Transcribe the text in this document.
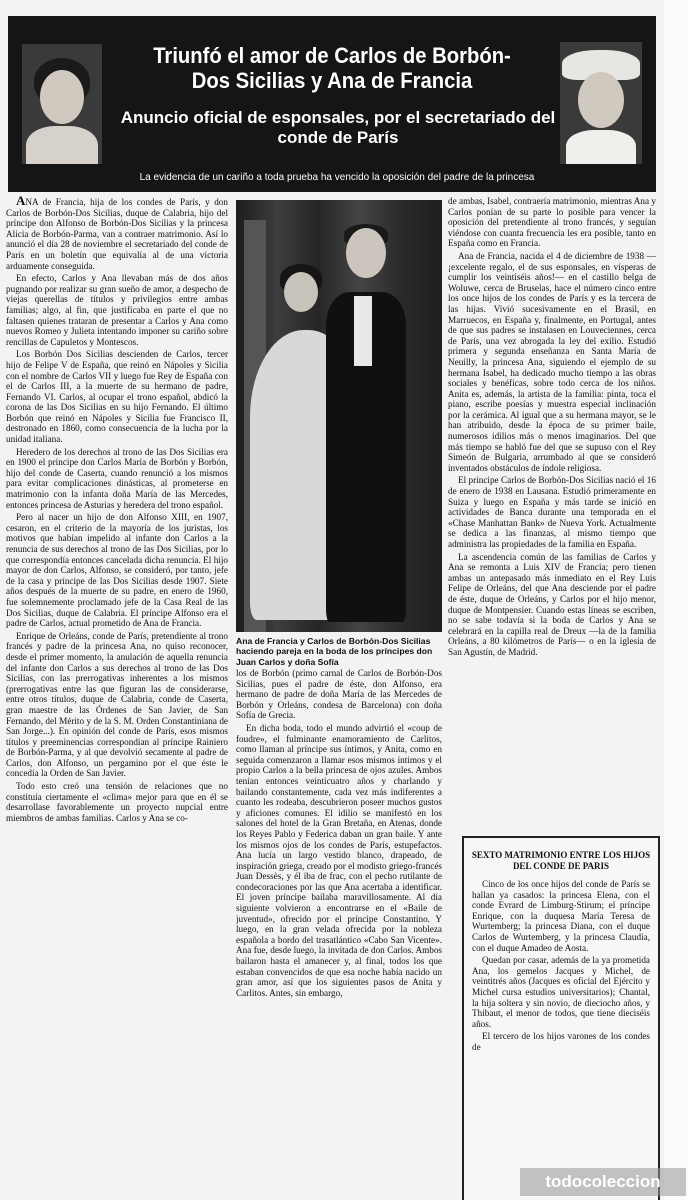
Triunfó el amor de Carlos de Borbón-
Dos Sicilias y Ana de Francia
Anuncio oficial de esponsales, por el secretariado del conde de París
La evidencia de un cariño a toda prueba ha vencido la oposición del padre de la princesa

ANA de Francia, hija de los condes de París, y don Carlos de Borbón-Dos Sicilias, duque de Calabria, hijo del príncipe don Alfonso de Borbón-Dos Sicilias y la princesa Alicia de Borbón-Parma, van a contraer matrimonio. Así lo anunció el día 28 de noviembre el secretariado del conde de París en un boletín que equivalía al de una victoria arduamente conseguida.

En efecto, Carlos y Ana llevaban más de dos años pugnando por realizar su gran sueño de amor, a despecho de viejas querellas de títulos y privilegios entre ambas familias; algo, al fin, que justificaba en parte el que no faltasen quienes trataran de presentar a Carlos y Ana como nuevos Romeo y Julieta intentando imponer su cariño sobre rencillas de Capuletos y Montescos.

Los Borbón Dos Sicilias descienden de Carlos, tercer hijo de Felipe V de España, que reinó en Nápoles y Sicilia con el nombre de Carlos VII y luego fue Rey de España con el de Carlos III, a la muerte de su hermano de padre, Fernando VI. Carlos, al ocupar el trono español, abdicó la corona de las Dos Sicilias en su hijo Fernando. El último Borbón que reinó en Nápoles y Sicilia fue Francisco II, destronado en 1860, como consecuencia de la lucha por la unidad italiana.

Heredero de los derechos al trono de las Dos Sicilias era en 1900 el príncipe don Carlos María de Borbón y Borbón, hijo del conde de Caserta, cuando renunció a los mismos para evitar complicaciones dinásticas, al prometerse en matrimonio con la infanta doña María de las Mercedes, entonces princesa de Asturias y heredera del trono español.

Pero al nacer un hijo de don Alfonso XIII, en 1907, cesaron, en el criterio de la mayoría de los juristas, los motivos que habían impelido al infante don Carlos a la renuncia de sus derechos al trono de las Dos Sicilias, por lo que correspondía entonces cancelada dicha renuncia. El hijo mayor de don Carlos, Alfonso, se consideró, por tanto, jefe de la casa y príncipe de las Dos Sicilias desde 1907. Siete años después de la muerte de su padre, en enero de 1960, fue solemnemente proclamado jefe de la Casa Real de las Dos Sicilias, duque de Calabria. El príncipe Alfonso era el padre de Carlos, actual prometido de Ana de Francia.

Enrique de Orleáns, conde de París, pretendiente al trono francés y padre de la princesa Ana, no quiso reconocer, desde el primer momento, la anulación de aquella renuncia del infante don Carlos a sus derechos al trono de las Dos Sicilias, con las prerrogativas inherentes a los mismos (prerrogativas entre las que figuran las de considerarse, entre otros títulos, duque de Calabria, conde de Caserta, gran maestre de las Órdenes de San Javier, de San Fernando, del Mérito y de la S. M. Orden Constantiniana de San Jorge...). En opinión del conde de París, esos mismos títulos y preeminencias correspondían al príncipe Rainiero de Borbón-Parma, y al que devolvió secamente al padre de Carlos, don Alfonso, un pergamino por el que éste le concedía la Orden de San Javier.

Todo esto creó una tensión de relaciones que no constituía ciertamente el «clima» mejor para que en él se desarrollase favorablemente un proyecto nupcial entre miembros de ambas familias. Carlos y Ana se co-

Ana de Francia y Carlos de Borbón-Dos Sicilias haciendo pareja en la boda de los príncipes don Juan Carlos y doña Sofía

los de Borbón (primo carnal de Carlos de Borbón-Dos Sicilias, pues el padre de éste, don Alfonso, era hermano de padre de doña María de las Mercedes de Borbón y Orleáns, condesa de Barcelona) con doña Sofía de Grecia.

En dicha boda, todo el mundo advirtió el «coup de foudre», el fulminante enamoramiento de Carlitos, como llaman al príncipe sus íntimos, y Anita, como en seguida comenzaron a llamar esos mismos íntimos y el propio Carlos a la bella princesa de ojos azules. Ambos tenían entonces veinticuatro años y charlando y bailando constantemente, cada vez más indiferentes a cuanto les rodeaba, descubrieron poseer muchos gustos y aficiones comunes. El idilio se manifestó en los salones del hotel de la Gran Bretaña, en Atenas, donde los Reyes Pablo y Federica daban un gran baile. Y ante los mismos ojos de los condes de París, estupefactos. Ana lucía un largo vestido blanco, drapeado, de inspiración griega, creado por el modisto griego-francés Juan Dessès, y él iba de frac, con el pecho rutilante de condecoraciones por las que Ana acertaba a identificar. El joven príncipe bailaba maravillosamente. Al día siguiente volvieron a encontrarse en el «Baile de juventud», ofrecido por el príncipe Constantino. Y luego, en la gran velada ofrecida por la nobleza española a bordo del trasatlántico «Cabo San Vicente». Ana fue, desde luego, la invitada de don Carlos. Ambos bailaron hasta el amanecer y, al final, todos los que estaban convencidos de que esa noche había nacido un gran amor, así que los siguientes pasos de Anita y Carlitos. Antes, sin embargo,

de ambas, Isabel, contraería matrimonio, mientras Ana y Carlos ponían de su parte lo posible para vencer la oposición del pretendiente al trono francés, y seguían viéndose con cuanta frecuencia les era posible, tanto en España como en Francia.

Ana de Francia, nacida el 4 de diciembre de 1938 —¡excelente regalo, el de sus esponsales, en vísperas de cumplir los veintiséis años!— en el castillo belga de Woluwe, cerca de Bruselas, hace el número cinco entre los once hijos de los condes de París y es la tercera de las hijas. Vivió sucesivamente en el Brasil, en Marruecos, en España y, finalmente, en Portugal, antes de que sus padres se instalasen en Louveciennes, cerca de París, una vez abrogada la ley del exilio. Estudió primera y segunda enseñanza en Santa María de Neuilly, la princesa Ana, siguiendo el ejemplo de su hermana Isabel, ha dedicado mucho tiempo a las obras sociales y benéficas, sobre todo cerca de los niños. Anita es, además, la artista de la familia: pinta, toca el piano, escribe poesías y muestra especial inclinación por la cerámica. Al igual que a su hermana mayor, se le han atribuido, desde la época de su primer baile, numerosos idilios más o menos imaginarios. Del que más tiempo se habló fue del que se supuso con el Rey Simeón de Bulgaria, arrumbado al que se consideró inventados obstáculos de índole religiosa.

El príncipe Carlos de Borbón-Dos Sicilias nació el 16 de enero de 1938 en Lausana. Estudió primeramente en Suiza y luego en España y más tarde se inició en actividades de Banca durante una temporada en el «Chase Manhattan Bank» de Nueva York. Actualmente se dedica a las finanzas, al mismo tiempo que administra las propiedades de la familia en España.

La ascendencia común de las familias de Carlos y Ana se remonta a Luis XIV de Francia; pero tienen ambas un antepasado más inmediato en el Rey Luis Felipe de Orleáns, del que Ana desciende por el padre de éste, duque de Orleáns, y Carlos por el hijo menor, duque de Montpensier. Cuando estas líneas se escriben, no se sabe todavía si la boda de Carlos y Ana se celebrará en la capilla real de Dreux —la de la familia Orleáns, a 80 kilómetros de París— o en la iglesia de San Agustín, de Madrid.

SEXTO MATRIMONIO ENTRE LOS HIJOS DEL CONDE DE PARIS

Cinco de los once hijos del conde de París se hallan ya casados: la princesa Elena, con el conde Evrard de Limburg-Stirum; el príncipe Enrique, con la duquesa María Teresa de Wurtemberg; la princesa Diana, con el duque Carlos de Wurtemberg, y la princesa Claudia, con el duque Amadeo de Aosta.

Quedan por casar, además de la ya prometida Ana, los gemelos Jacques y Michel, de veintitrés años (Jacques es oficial del Ejército y Michel cursa estudios universitarios); Chantal, la hija soltera y sin novio, de dieciocho años, y Thibaut, el menor de todos, que tiene dieciséis años.

El tercero de los hijos varones de los condes de

todocoleccion
